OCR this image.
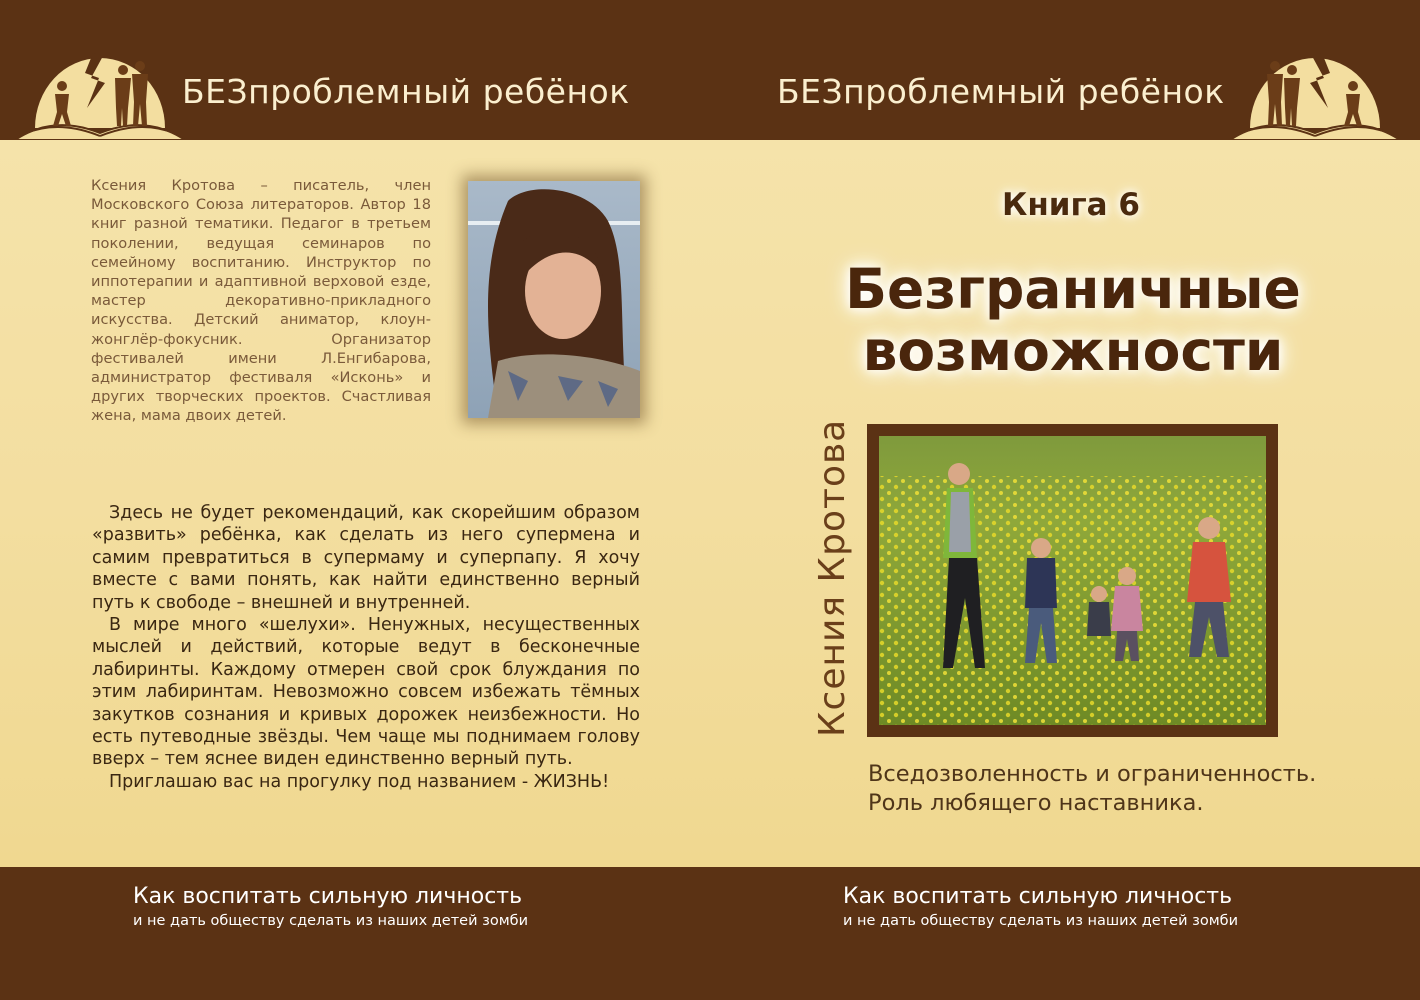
БЕЗпроблемный ребёнок	БЕЗпроблемный ребёнок
Ксения Кротова – писатель, член Московского Союза литераторов. Автор 18 книг разной тематики. Педагог в третьем поколении, ведущая семинаров по семейному воспитанию. Инструктор по иппотерапии и адаптивной верховой езде, мастер декоративно-прикладного искусства. Детский аниматор, клоун-жонглёр-фокусник. Организатор фестивалей имени Л.Енгибарова, администратор фестиваля «Исконь» и других творческих проектов. Счастливая жена, мама двоих детей.

Здесь не будет рекомендаций, как скорейшим образом «развить» ребёнка, как сделать из него супермена и самим превратиться в супермаму и суперпапу. Я хочу вместе с вами понять, как найти единственно верный путь к свободе – внешней и внутренней.

В мире много «шелухи». Ненужных, несущественных мыслей и действий, которые ведут в бесконечные лабиринты. Каждому отмерен свой срок блуждания по этим лабиринтам. Невозможно совсем избежать тёмных закутков сознания и кривых дорожек неизбежности. Но есть путеводные звёзды. Чем чаще мы поднимаем голову вверх – тем яснее виден единственно верный путь.

Приглашаю вас на прогулку под названием - ЖИЗНЬ!

Книга 6
Безграничные
возможности
Ксения Кротова
Вседозволенность и ограниченность.
Роль любящего наставника.
Как воспитать сильную личность
и не дать обществу сделать из наших детей зомби
Как воспитать сильную личность
и не дать обществу сделать из наших детей зомби
